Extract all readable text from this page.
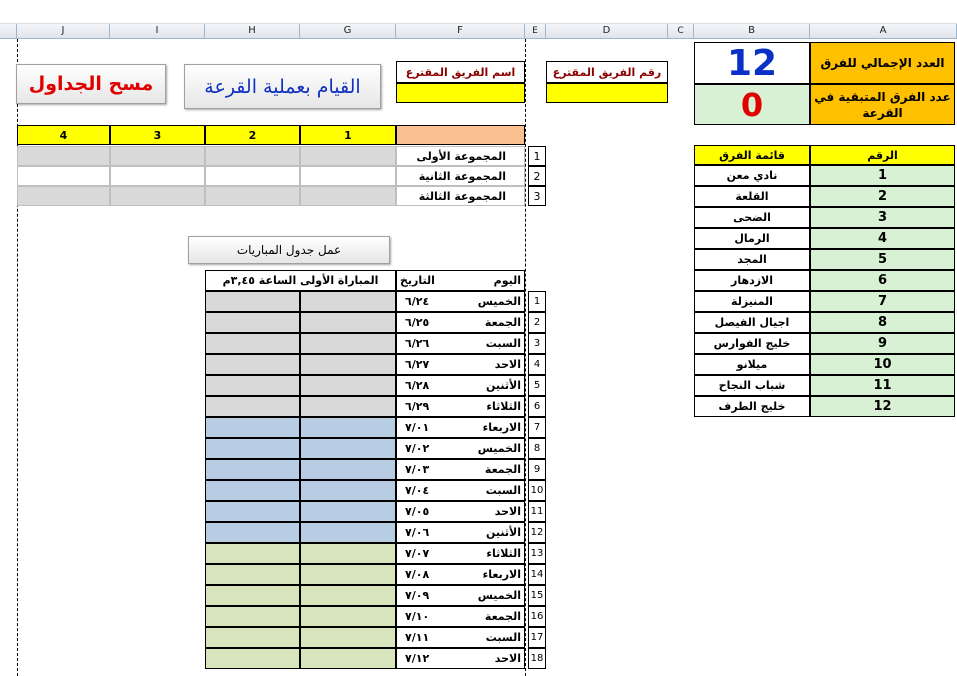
J	I	H	G	F	E	D	C	B	A
العدد الإجمالي للفرق
12
عدد الفرق المتبقية في القرعة
0
مسح الجداول	القيام بعملية القرعة
عمل جدول المباريات
اسم الفريق المقترع	رقم الفريق المقترع
4	3	2	1
المجموعة الأولى	1
المجموعة الثانية	2
المجموعة الثالثة	3
قائمة الفرق	الرقم
نادي معن	1
القلعة	2
الضحى	3
الرمال	4
المجد	5
الازدهار	6
المنيزلة	7
اجيال الفيصل	8
خليج الفوارس	9
ميلانو	10
شباب النجاح	11
خليج الطرف	12
التاريخ	اليوم
المباراة الأولى الساعة ٣,٤٥م
٦/٢٤	الخميس	1
٦/٢٥	الجمعة	2
٦/٢٦	السبت	3
٦/٢٧	الاحد	4
٦/٢٨	الأثنين	5
٦/٢٩	الثلاثاء	6
٧/٠١	الاربعاء	7
٧/٠٢	الخميس	8
٧/٠٣	الجمعة	9
٧/٠٤	السبت 10
٧/٠٥	الاحد 11
٧/٠٦	الأثنين 12
٧/٠٧	الثلاثاء 13
٧/٠٨	الاربعاء 14
٧/٠٩	الخميس 15
٧/١٠	الجمعة 16
٧/١١	السبت 17
٧/١٢	الاحد 18
